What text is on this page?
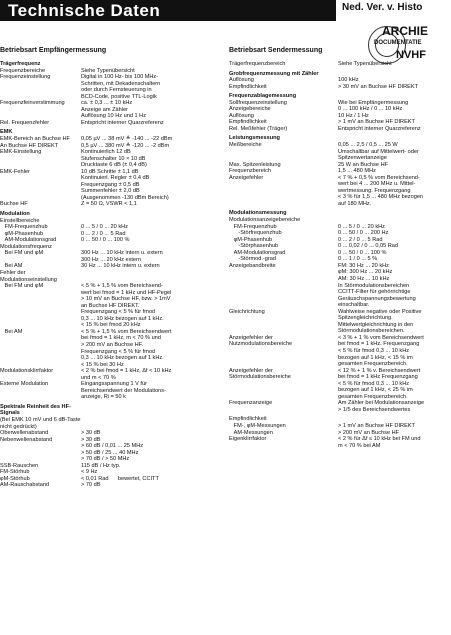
Technische Daten	Ned. Ver. v. Histo
ARCHIE
DOCUMENTATIE
NVHF
Betriebsart Empfängermessung
Trägerfrequenz
Frequenzbereiche	Siehe Typenübersicht
Frequenzeinstellung	Digital in 100 Hz- bis 100 MHz-
Schritten, mit Dekadenschaltern
oder durch Fernsteuerung in
BCD-Code, positive TTL-Logik
Frequenzfeinverstimmung	ca. ± 0,3 ... ± 10 kHz
Anzeige am Zähler
Auflösung 10 Hz und 1 Hz
Rel. Frequenzfehler	Entspricht interner Quarzreferenz
EMK
EMK-Bereich an Buchse HF	0,05 µV ... 38 mV ≙ -140 ... -22 dBm
An Buchse HF DIREKT	0,5 µV ... 380 mV ≙ -120 ... -2 dBm
EMK-Einstellung	Kontinuierlich 12 dB
Stufenschalter 10 × 10 dB
Drucktaste 6 dB (± 0,4 dB)
EMK-Fehler	10 dB Schritte ± 1,1 dB
Kontinuierl. Regler ± 0,4 dB
Frequenzgang ± 0,5 dB
Summenfehler ± 2,0 dB
(Ausgenommen -130 dBm Bereich)
Buchse HF	Z = 50 Ω, VSWR < 1,1
Modulation
Einstellbereiche
FM-Frequenzhub	0 ... 5 / 0 ... 20 kHz
φM-Phasenhub	0 ... 2 / 0 ... 5 Rad
AM-Modulationsgrad	0 ... 50 / 0 ... 100 %
Modulationsfrequenz
Bei FM und φM	300 Hz ... 10 kHz intern u. extern
300 Hz ... 20 kHz extern
Bei AM	30 Hz ... 10 kHz intern u. extern
Fehler der Modulationseinstellung
Bei FM und φM	< 5 % + 1,5 % vom Bereichsend-
wert bei fmod = 1 kHz und HF-Pegel
> 10 mV an Buchse HF, bzw. > 1mV
an Buchse HF DIREKT.
Frequenzgang < 5 % für fmod
0,3 ... 10 kHz bezogen auf 1 kHz.
< 15 % bei fmod 20 kHz
Bei AM	< 5 % + 1,5 % vom Bereichsendwert
bei fmod = 1 kHz, m < 70 % und
> 200 mV an Buchse HF.
Frequenzgang < 5 % für fmod
0,3 ... 10 kHz bezogen auf 1 kHz.
< 15 % bei 30 Hz
Modulationsklirrfaktor	< 2 % bei fmod = 1 kHz, Δf < 10 kHz
und m < 70 %
Externe Modulation	Eingangsspannung 1 V für
Bereichsendwert der Modulations-
anzeige, Ri = 50 k
Spektrale Reinheit des HF-Signals
(Bei EMK 10 mV und 6 dB-Taste nicht gedrückt)
Oberwellenabstand	> 30 dB
Nebenwellenabstand	> 30 dB
> 60 dB / 0,01 ... 25 MHz
> 50 dB / 25 ... 40 MHz
> 70 dB / > 50 MHz
SSB-Rauschen	115 dB / Hz typ.
FM-Störhub	< 9 Hz
φM-Störhub	< 0,01 Rad      bewertet, CCITT
AM-Rauschabstand	> 70 dB
Betriebsart Sendermessung
Trägerfrequenzbereich	Siehe Typenübersicht
Grobfrequenzmessung mit Zähler
Auflösung	100 kHz
Empfindlichkeit	> 30 mV an Buchse HF DIREKT
Frequenzablagemessung
Sollfrequenzeinstellung	Wie bei Empfängermessung
Anzeigebereiche	0 ... 100 kHz / 0 ... 10 kHz
Auflösung	10 Hz / 1 Hz
Empfindlichkeit	> 1 mV an Buchse HF DIREKT
Rel. Meßfehler (Träger)	Entspricht interner Quarzreferenz
Leistungsmessung
Meßbereiche	0,05 ... 2,5 / 0,5 ... 25 W
Umschaltbar auf Mittelwert- oder
Spitzenwertanzeige
Max. Spitzenleistung	25 W an Buchse HF
Frequenzbereich	1,5 ... 480 MHz
Anzeigefehler	< 7 % + 0,5 % vom Bereichsend-
wert bei 4 ... 200 MHz u. Mittel-
wertmessung. Frequenzgang
< 3 % für 1,5 ... 480 MHz bezogen
auf 180 MHz.
Modulationsmessung
Modulationsanzeigebereiche
FM-Frequenzhub	0 ... 5 / 0 ... 20 kHz
-Störfrequenzhub	0 ... 50 / 0 ... 200 Hz
φM-Phasenhub	0 ... 2 / 0 ... 5 Rad
-Störphasenhub	0 ... 0,02 / 0 ... 0,05 Rad
AM-Modulationsgrad	0 ... 50 / 0 ... 100 %
-Störmod.-grad	0 ... 1 / 0 ... 5 %
Anzeigebandbreite	FM: 30 Hz ... 20 kHz
φM: 300 Hz ... 20 kHz
AM: 30 Hz ... 10 kHz
In Störmodulationsbereichen
CCITT-Filter für gehörrichtige
Geräuschspannungsbewertung
einschaltbar.
Gleichrichtung	Wahlweise negative oder Positive
Spitzengleichrichtung.
Mittelwertgleichrichtung in den
Störmodulationsbereichen.
Anzeigefehler der
Nutzmodulationsbereiche
< 3 % + 1 % vom Bereichsendwert
bei fmod = 1 kHz. Frequenzgang
< 5 % für fmod 0,3 ... 10 kHz
bezogen auf 1 kHz, < 15 % im
gesamten Frequenzbereich.
Anzeigefehler der
Störmodulationsbereiche
< 12 % + 1 % v. Bereichsendwert
bei fmod = 1 kHz Frequenzgang
< 5 % für fmod 0,3 ... 10 kHz
bezogen auf 1 kHz, < 25 % im
gesamten Frequenzbereich.
Frequenzanzeige	Am Zähler bei Modulationsanzeige
> 1/5 des Bereichsendwertes
Empfindlichkeit
FM-, φM-Messungen	> 1 mV an Buchse HF DIREKT
AM-Messungen	> 200 mV an Buchse HF
Eigenklirrfaktor	< 2 % für Δf ≤ 10 kHz bei FM und
m < 70 % bei AM
